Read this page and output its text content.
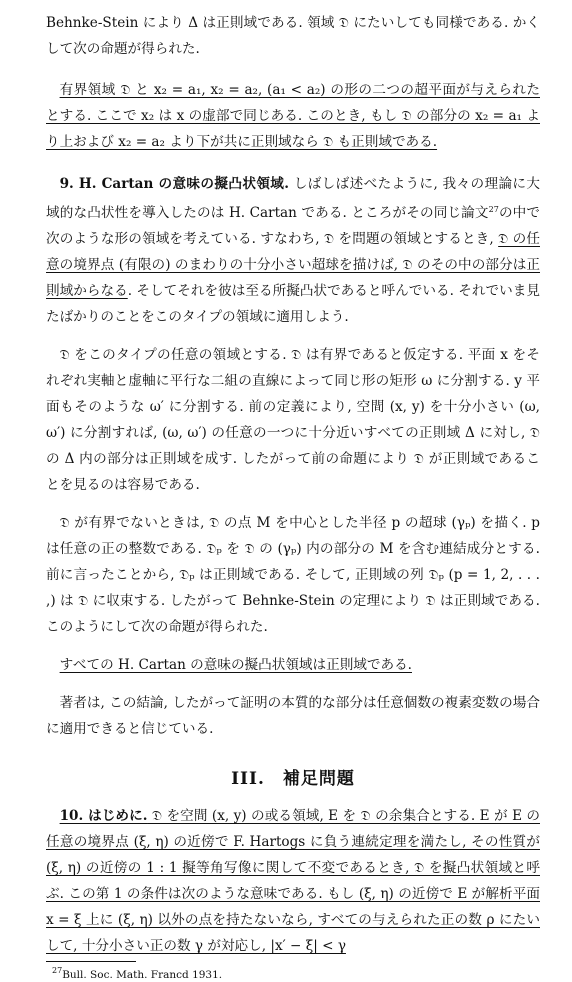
Behnke-Stein により Δ は正則域である. 領域 𝔇 にたいしても同様である. かくして次の命題が得られた.

有界領域 𝔇 と x₂ = a₁, x₂ = a₂, (a₁ < a₂) の形の二つの超平面が与えられたとする. ここで x₂ は x の虚部で同じある. このとき, もし 𝔇 の部分の x₂ = a₁ より上および x₂ = a₂ より下が共に正則域なら 𝔇 も正則域である.

9. H. Cartan の意味の擬凸状領域. しばしば述べたように, 我々の理論に大域的な凸状性を導入したのは H. Cartan である. ところがその同じ論文$^{27}$の中で次のような形の領域を考えている. すなわち, 𝔇 を問題の領域とするとき, 𝔇 の任意の境界点 (有限の) のまわりの十分小さい超球を描けば, 𝔇 のその中の部分は正則域からなる. そしてそれを彼は至る所擬凸状であると呼んでいる. それでいま見たばかりのことをこのタイプの領域に適用しよう.

𝔇 をこのタイプの任意の領域とする. 𝔇 は有界であると仮定する. 平面 x をそれぞれ実軸と虚軸に平行な二組の直線によって同じ形の矩形 ω に分割する. y 平面もそのような ω′ に分割する. 前の定義により, 空間 (x, y) を十分小さい (ω, ω′) に分割すれば, (ω, ω′) の任意の一つに十分近いすべての正則域 Δ に対し, 𝔇 の Δ 内の部分は正則域を成す. したがって前の命題により 𝔇 が正則域であることを見るのは容易である.

𝔇 が有界でないときは, 𝔇 の点 M を中心とした半径 p の超球 (γₚ) を描く. p は任意の正の整数である. 𝔇ₚ を 𝔇 の (γₚ) 内の部分の M を含む連結成分とする. 前に言ったことから, 𝔇ₚ は正則域である. そして, 正則域の列 𝔇ₚ (p = 1, 2, . . . ,) は 𝔇 に収束する. したがって Behnke-Stein の定理により 𝔇 は正則域である. このようにして次の命題が得られた.

すべての H. Cartan の意味の擬凸状領域は正則域である.

著者は, この結論, したがって証明の本質的な部分は任意個数の複素変数の場合に適用できると信じている.

III.　補足問題

10. はじめに. 𝔇 を空間 (x, y) の或る領域, E を 𝔇 の余集合とする. E が E の任意の境界点 (ξ, η) の近傍で F. Hartogs に負う連続定理を満たし, その性質が (ξ, η) の近傍の 1 : 1 擬等角写像に関して不変であるとき, 𝔇 を擬凸状領域と呼ぶ. この第 1 の条件は次のような意味である. もし (ξ, η) の近傍で E が解析平面 x = ξ 上に (ξ, η) 以外の点を持たないなら, すべての与えられた正の数 ρ にたいして, 十分小さい正の数 γ が対応し, |x′ − ξ| < γ

$^{27}$Bull. Soc. Math. Francd 1931.
